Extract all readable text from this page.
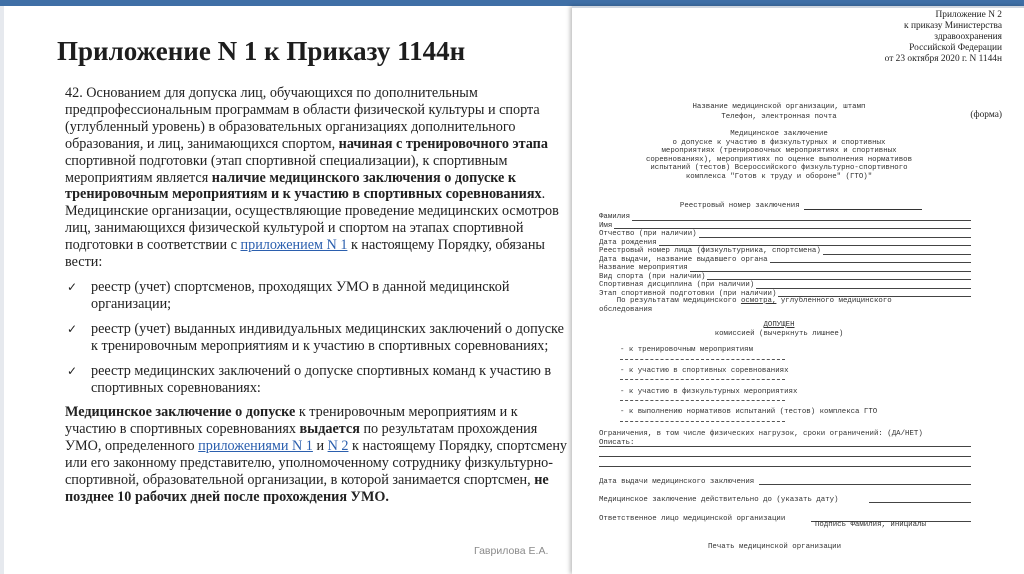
Приложение N 1 к Приказу 1144н

42. Основанием для допуска лиц, обучающихся по дополнительным предпрофессиональным программам в области физической культуры и спорта (углубленный уровень) в образовательных организациях дополнительного образования, и лиц, занимающихся спортом, начиная с тренировочного этапа спортивной подготовки (этап спортивной специализации), к спортивным мероприятиям является наличие медицинского заключения о допуске к тренировочным мероприятиям и к участию в спортивных соревнованиях. Медицинские организации, осуществляющие проведение медицинских осмотров лиц, занимающихся физической культурой и спортом на этапах спортивной подготовки в соответствии с приложением N 1 к настоящему Порядку, обязаны вести:

✓ реестр (учет) спортсменов, проходящих УМО в данной медицинской организации;
✓ реестр (учет) выданных индивидуальных медицинских заключений о допуске к тренировочным мероприятиям и к участию в спортивных соревнованиях;
✓ реестр медицинских заключений о допуске спортивных команд к участию в спортивных соревнованиях:

Медицинское заключение о допуске к тренировочным мероприятиям и к участию в спортивных соревнованиях выдается по результатам прохождения УМО, определенного приложениями N 1 и N 2 к настоящему Порядку, спортсмену или его законному представителю, уполномоченному сотруднику физкультурно-спортивной, образовательной организации, в которой занимается спортсмен, не позднее 10 рабочих дней после прохождения УМО.

Приложение N 2
к приказу Министерства
здравоохранения
Российской Федерации
от 23 октября 2020 г. N 1144н
(форма)
Название медицинской организации, штамп
Телефон, электронная почта
Медицинское заключение
о допуске к участию в физкультурных и спортивных
мероприятиях (тренировочных мероприятиях и спортивных
соревнованиях), мероприятиях по оценке выполнения нормативов
испытаний (тестов) Всероссийского физкультурно-спортивного
комплекса "Готов к труду и обороне" (ГТО)"
Реестровый номер заключения
Фамилия
Имя
Отчество (при наличии)
Дата рождения
Реестровый номер лица (физкультурника, спортсмена)
Дата выдачи, название выдавшего органа
Название мероприятия
Вид спорта (при наличии)
Спортивная дисциплина (при наличии)
Этап спортивной подготовки (при наличии)
По результатам медицинского осмотра, углубленного медицинского
обследования
ДОПУЩЕН
комиссией (вычеркнуть лишнее)
- к тренировочным мероприятиям
- к участию в спортивных соревнованиях
- к участию в физкультурных мероприятиях
- к выполнению нормативов испытаний (тестов) комплекса ГТО
Ограничения, в том числе физических нагрузок, сроки ограничений: (ДА/НЕТ)
Описать:
Дата выдачи медицинского заключения
Медицинское заключение действительно до (указать дату)
Ответственное лицо медицинской организации
Подпись Фамилия, инициалы
Печать медицинской организации
Гаврилова Е.А.
